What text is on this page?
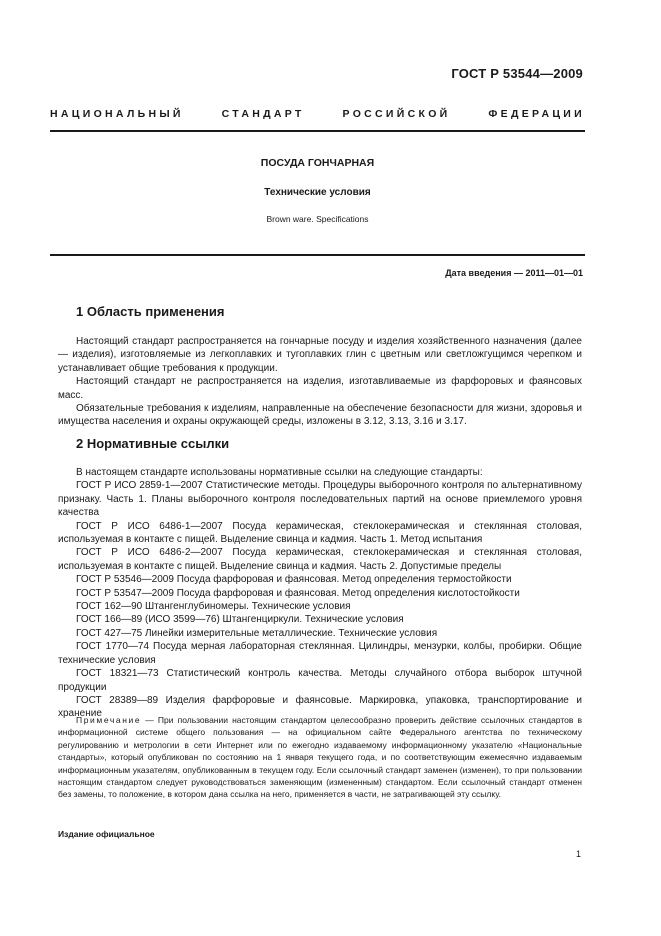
ГОСТ Р 53544—2009
НАЦИОНАЛЬНЫЙ СТАНДАРТ РОССИЙСКОЙ ФЕДЕРАЦИИ
ПОСУДА ГОНЧАРНАЯ
Технические условия
Brown ware. Specifications
Дата введения — 2011—01—01
1 Область применения

Настоящий стандарт распространяется на гончарные посуду и изделия хозяйственного назначения (далее — изделия), изготовляемые из легкоплавких и тугоплавких глин с цветным или светложгущимся черепком и устанавливает общие требования к продукции.

Настоящий стандарт не распространяется на изделия, изготавливаемые из фарфоровых и фаянсовых масс.

Обязательные требования к изделиям, направленные на обеспечение безопасности для жизни, здоровья и имущества населения и охраны окружающей среды, изложены в 3.12, 3.13, 3.16 и 3.17.

2 Нормативные ссылки

В настоящем стандарте использованы нормативные ссылки на следующие стандарты:

ГОСТ Р ИСО 2859-1—2007 Статистические методы. Процедуры выборочного контроля по альтернативному признаку. Часть 1. Планы выборочного контроля последовательных партий на основе приемлемого уровня качества

ГОСТ Р ИСО 6486-1—2007 Посуда керамическая, стеклокерамическая и стеклянная столовая, используемая в контакте с пищей. Выделение свинца и кадмия. Часть 1. Метод испытания

ГОСТ Р ИСО 6486-2—2007 Посуда керамическая, стеклокерамическая и стеклянная столовая, используемая в контакте с пищей. Выделение свинца и кадмия. Часть 2. Допустимые пределы

ГОСТ Р 53546—2009 Посуда фарфоровая и фаянсовая. Метод определения термостойкости

ГОСТ Р 53547—2009 Посуда фарфоровая и фаянсовая. Метод определения кислотостойкости

ГОСТ 162—90 Штангенглубиномеры. Технические условия

ГОСТ 166—89 (ИСО 3599—76) Штангенциркули. Технические условия

ГОСТ 427—75 Линейки измерительные металлические. Технические условия

ГОСТ 1770—74 Посуда мерная лабораторная стеклянная. Цилиндры, мензурки, колбы, пробирки. Общие технические условия

ГОСТ 18321—73 Статистический контроль качества. Методы случайного отбора выборок штучной продукции

ГОСТ 28389—89 Изделия фарфоровые и фаянсовые. Маркировка, упаковка, транспортирование и хранение

Примечание — При пользовании настоящим стандартом целесообразно проверить действие ссылочных стандартов в информационной системе общего пользования — на официальном сайте Федерального агентства по техническому регулированию и метрологии в сети Интернет или по ежегодно издаваемому информационному указателю «Национальные стандарты», который опубликован по состоянию на 1 января текущего года, и по соответствующим ежемесячно издаваемым информационным указателям, опубликованным в текущем году. Если ссылочный стандарт заменен (изменен), то при пользовании настоящим стандартом следует руководствоваться заменяющим (измененным) стандартом. Если ссылочный стандарт отменен без замены, то положение, в котором дана ссылка на него, применяется в части, не затрагивающей эту ссылку.
Издание официальное
1
